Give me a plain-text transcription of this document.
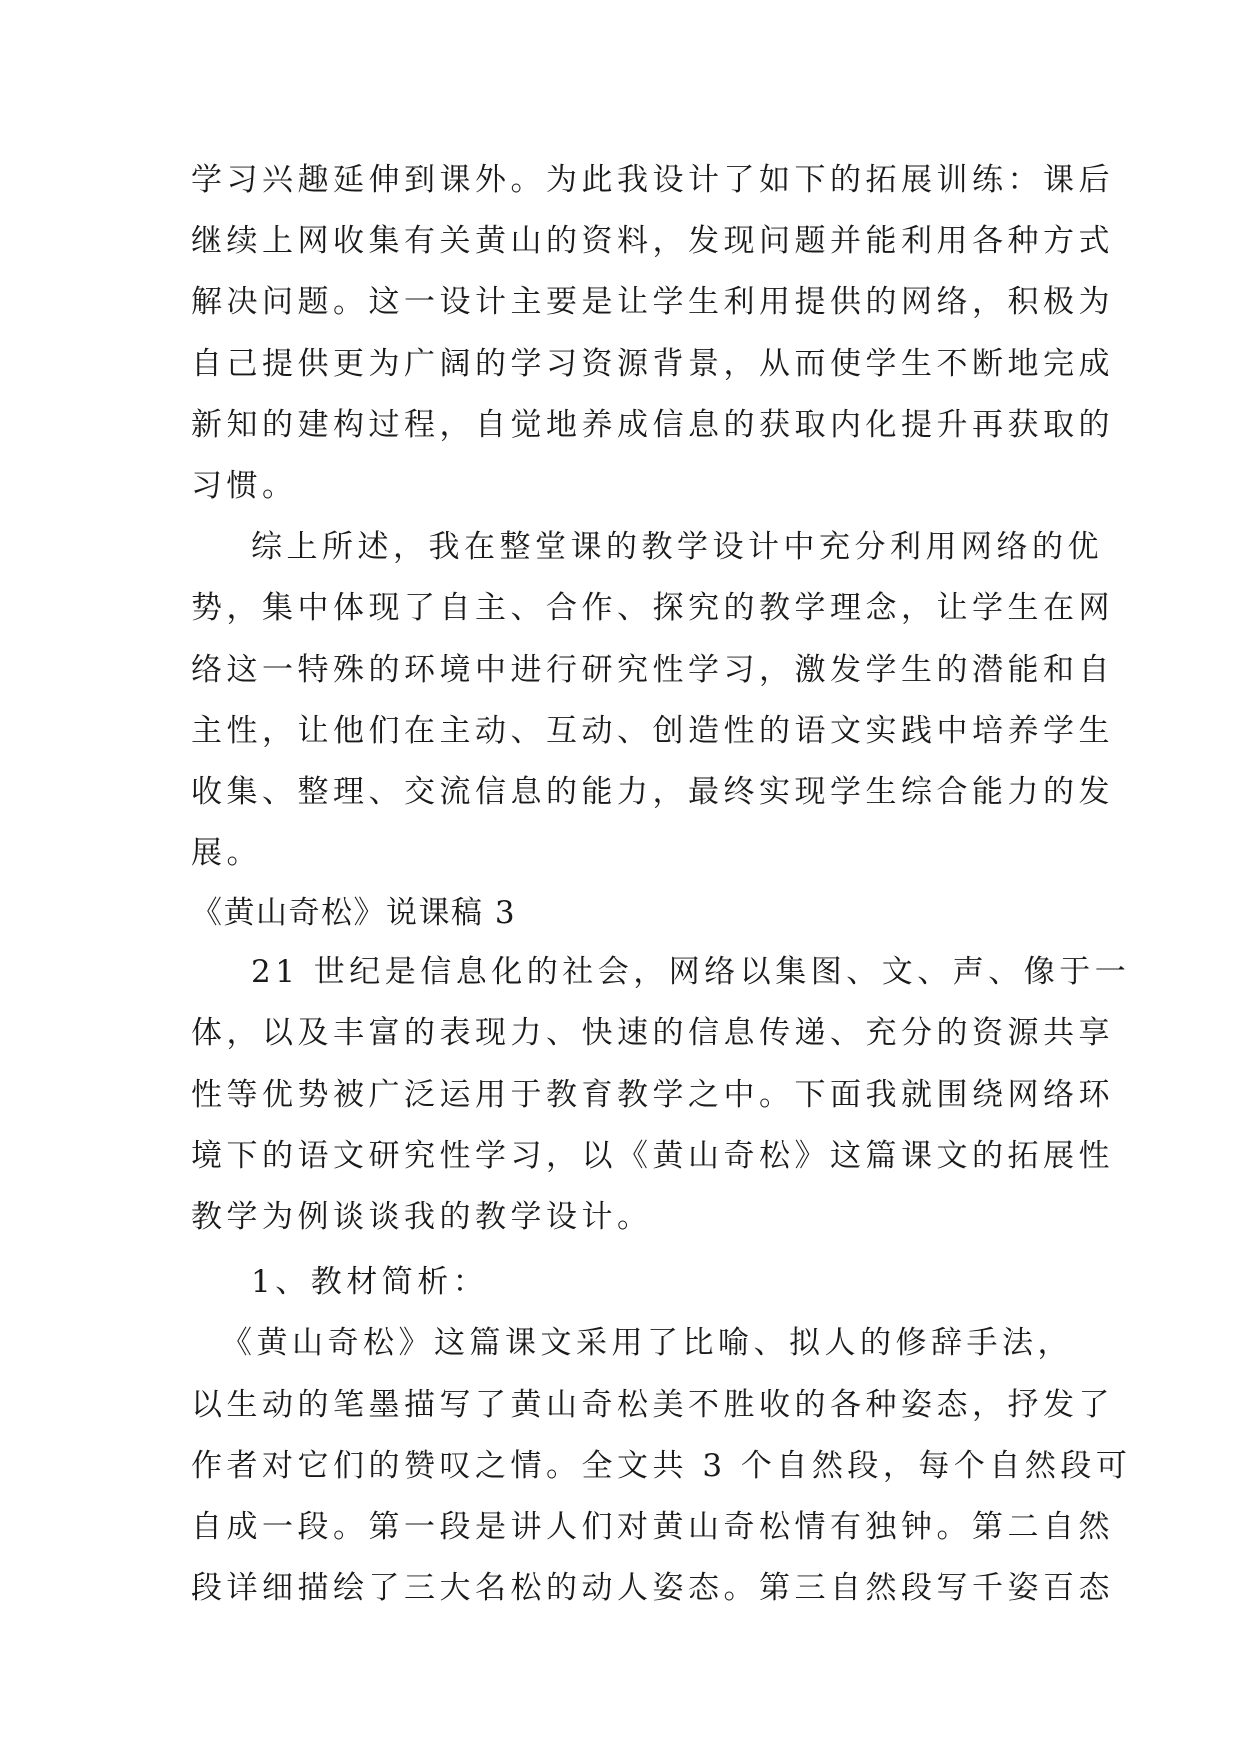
学习兴趣延伸到课外。为此我设计了如下的拓展训练：课后
继续上网收集有关黄山的资料，发现问题并能利用各种方式
解决问题。这一设计主要是让学生利用提供的网络，积极为
自己提供更为广阔的学习资源背景，从而使学生不断地完成
新知的建构过程，自觉地养成信息的获取内化提升再获取的
习惯。
综上所述，我在整堂课的教学设计中充分利用网络的优
势，集中体现了自主、合作、探究的教学理念，让学生在网
络这一特殊的环境中进行研究性学习，激发学生的潜能和自
主性，让他们在主动、互动、创造性的语文实践中培养学生
收集、整理、交流信息的能力，最终实现学生综合能力的发
展。
《黄山奇松》说课稿 3
21 世纪是信息化的社会，网络以集图、文、声、像于一
体，以及丰富的表现力、快速的信息传递、充分的资源共享
性等优势被广泛运用于教育教学之中。下面我就围绕网络环
境下的语文研究性学习，以《黄山奇松》这篇课文的拓展性
教学为例谈谈我的教学设计。
1、教材简析：
《黄山奇松》这篇课文采用了比喻、拟人的修辞手法，
以生动的笔墨描写了黄山奇松美不胜收的各种姿态，抒发了
作者对它们的赞叹之情。全文共 3 个自然段，每个自然段可
自成一段。第一段是讲人们对黄山奇松情有独钟。第二自然
段详细描绘了三大名松的动人姿态。第三自然段写千姿百态
